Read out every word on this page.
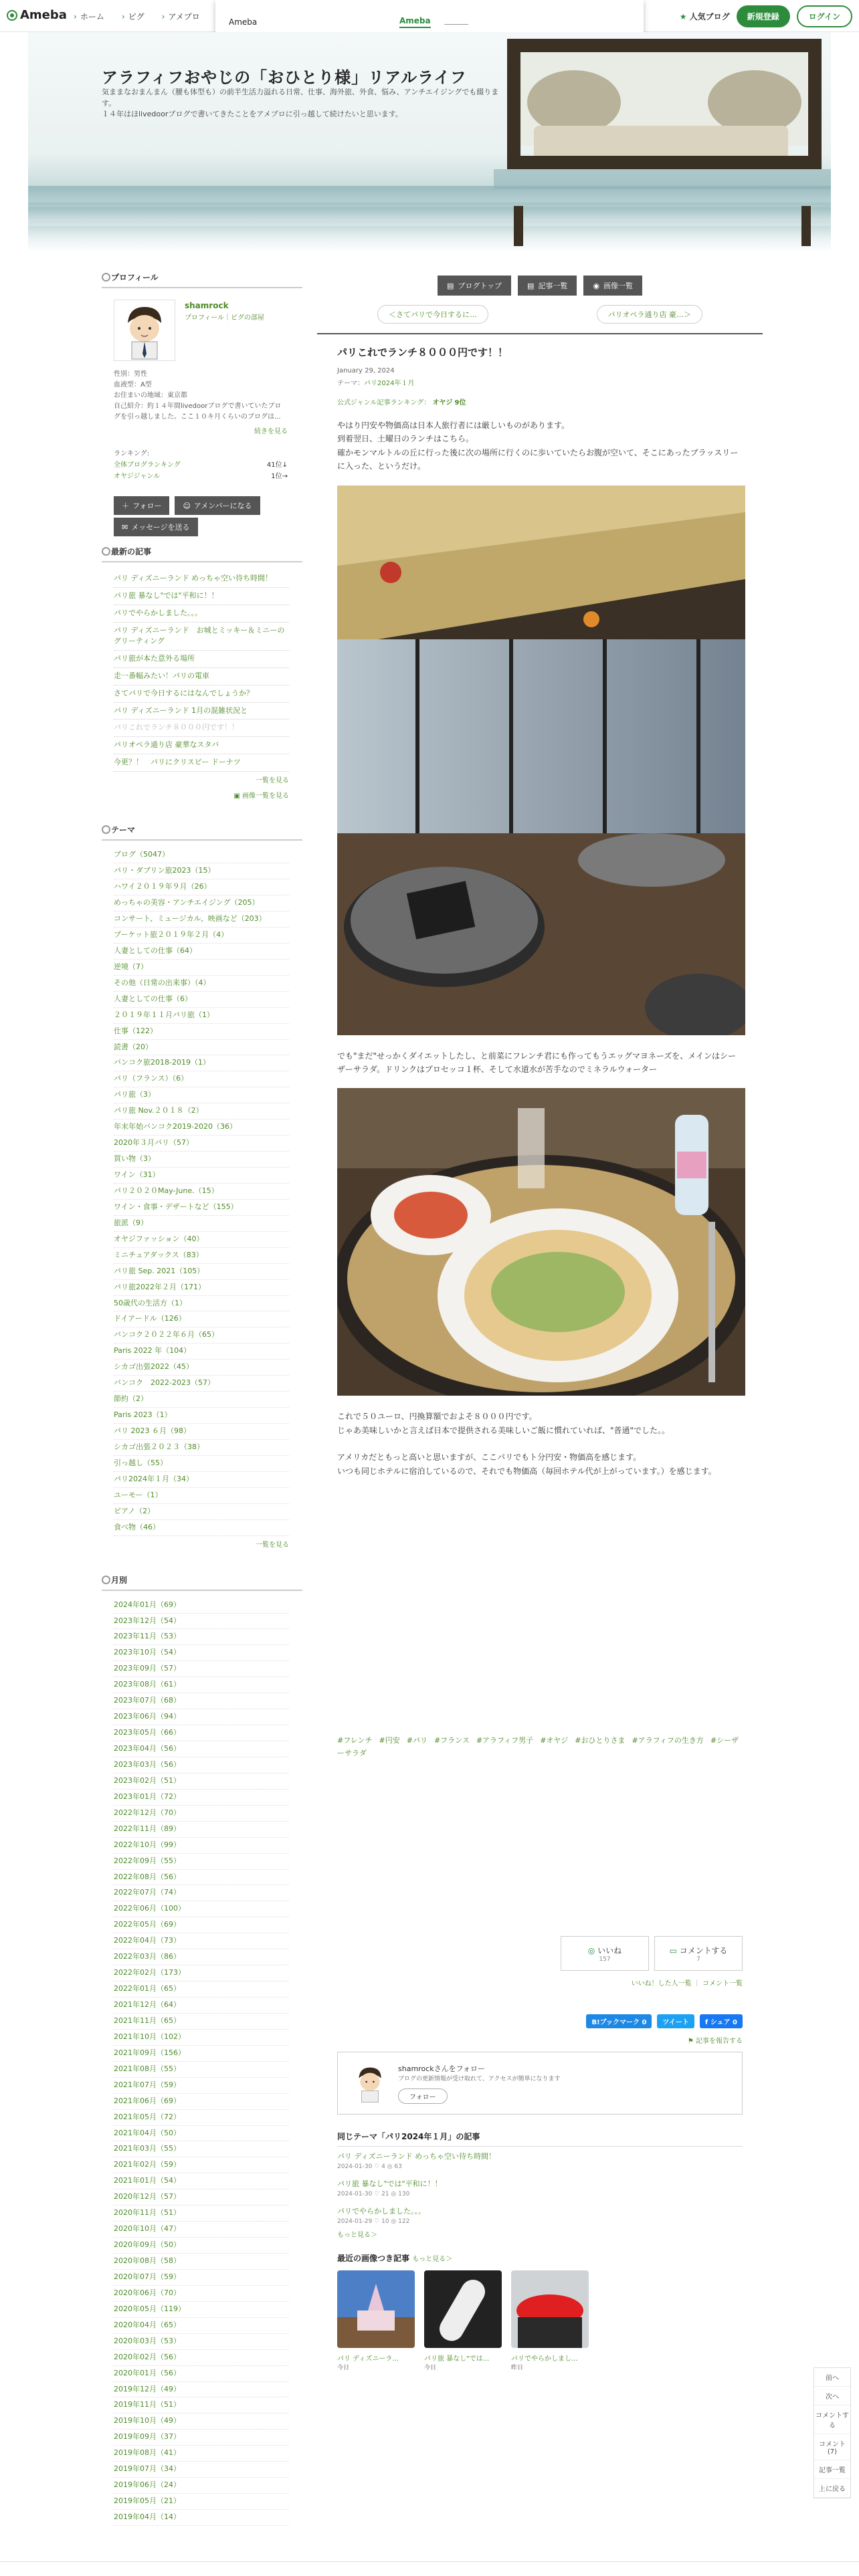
Ameba	› ホーム	› ピグ	› アメブロ	★ 人気ブログ	新規登録	ログイン
Ameba	Ameba
アラフィフおやじの「おひとり様」リアルライフ
気ままなおまんまん（腰も体型も）の前半生活力溢れる日常、仕事、海外旅、外食、悩み、アンチエイジングでも綴ります。
１４年はほlivedoorブログで書いてきたことをアメブロに引っ越して続けたいと思います。
プロフィール
shamrock
プロフィール｜ピグの部屋
性別：男性
血液型：A型
お住まいの地域：東京都
自己紹介：約１４年間livedoorブログで書いていたブログを引っ越しました。ここ１０キ月くらいのブログは...
続きを見る
ランキング:
全体ブログランキング	41位↓
オヤジジャンル	1位→
＋ フォロー	☺ アメンバーになる
✉ メッセージを送る
最新の記事
パリ ディズニーランド めっちゃ空い待ち時間！
パリ旅 暴なし"では"平和に！！
パリでやらかしました。。。
パリ ディズニーランド　お城とミッキー＆ミニーのグリーティング
パリ旅が本た意外る場所
走一番幅みたい！パリの電車
さてパリで今日するにはなんでしょうか？
パリ ディズニーランド 1月の混雑状況と
パリこれでランチ８０００円です！！
パリオペラ通り店 豪華なスタバ
今更？！　パリにクリスピー ドーナツ
一覧を見る
▣ 画像一覧を見る
テーマ
ブログ（5047）
パリ・ダブリン旅2023（15）
ハワイ２０１９年９月（26）
めっちゃの美容・アンチエイジング（205）
コンサート、ミュージカル、映画など（203）
プーケット旅２０１９年２月（4）
人妻としての仕事（64）
逆境（7）
その他（日常の出来事）（4）
人妻としての仕事（6）
２０１９年１１月パリ旅（1）
仕事（122）
読書（20）
バンコク旅2018-2019（1）
パリ（フランス）（6）
パリ旅（3）
パリ旅 Nov.２０１８（2）
年末年始バンコク2019-2020（36）
2020年３月パリ（57）
買い物（3）
ワイン（31）
パリ２０２０May-June.（15）
ワイン・食事・デザートなど（155）
旅派（9）
オヤジファッション（40）
ミニチュアダックス（83）
パリ旅 Sep. 2021（105）
パリ旅2022年２月（171）
50歳代の生活方（1）
ドイアードル（126）
バンコク２０２２年６月（65）
Paris 2022 年（104）
シカゴ出張2022（45）
バンコク　2022-2023（57）
節約（2）
Paris 2023（1）
パリ 2023 ６月（98）
シカゴ出張２０２３（38）
引っ越し（55）
パリ2024年１月（34）
ユーモー（1）
ピアノ（2）
食べ物（46）
一覧を見る
月別
2024年01月（69）
2023年12月（54）
2023年11月（53）
2023年10月（54）
2023年09月（57）
2023年08月（61）
2023年07月（68）
2023年06月（94）
2023年05月（66）
2023年04月（56）
2023年03月（56）
2023年02月（51）
2023年01月（72）
2022年12月（70）
2022年11月（89）
2022年10月（99）
2022年09月（55）
2022年08月（56）
2022年07月（74）
2022年06月（100）
2022年05月（69）
2022年04月（73）
2022年03月（86）
2022年02月（173）
2022年01月（65）
2021年12月（64）
2021年11月（65）
2021年10月（102）
2021年09月（156）
2021年08月（55）
2021年07月（59）
2021年06月（69）
2021年05月（72）
2021年04月（50）
2021年03月（55）
2021年02月（59）
2021年01月（54）
2020年12月（57）
2020年11月（51）
2020年10月（47）
2020年09月（50）
2020年08月（58）
2020年07月（59）
2020年06月（70）
2020年05月（119）
2020年04月（65）
2020年03月（53）
2020年02月（56）
2020年01月（56）
2019年12月（49）
2019年11月（51）
2019年10月（49）
2019年09月（37）
2019年08月（41）
2019年07月（34）
2019年06月（24）
2019年05月（21）
2019年04月（14）
▤ ブログトップ	▤ 記事一覧	◉ 画像一覧
＜さてパリで今日するに…	パリオペラ通り店 豪…＞
パリこれでランチ８０００円です！！
January 29, 2024
テーマ：パリ2024年１月
公式ジャンル記事ランキング： オヤジ 9位
やはり円安や物価高は日本人旅行者には厳しいものがあります。
到着翌日、土曜日のランチはこちら。
確かモンマルトルの丘に行った後に次の場所に行くのに歩いていたらお腹が空いて、そこにあったブラッスリーに入った、というだけ。
でも"まだ"せっかくダイエットしたし、と前菜にフレンチ君にも作ってもうエッグマヨネーズを、メインはシーザーサラダ。ドリンクはプロセッコ１杯、そして水道水が苦手なのでミネラルウォーター
これで５０ユーロ、円換算額でおよそ８０００円です。
じゃあ美味しいかと言えば日本で提供される美味しいご飯に慣れていれば、"普通"でした。。
アメリカだともっと高いと思いますが、ここパリでもト分円安・物価高を感じます。
いつも同じホテルに宿泊しているので、それでも物価高（毎回ホテル代が上がっています。）を感じます。
#フレンチ #円安 #パリ #フランス #アラフィフ男子 #オヤジ #おひとりさま #アラフィフの生き方 #シーザーサラダ
◎ いいね
157
▭ コメントする
7
いいね！した人一覧 ｜ コメント一覧
B!ブックマーク 0	ツイート	f シェア 0
⚑ 記事を報告する
shamrockさんをフォロー
ブログの更新情報が受け取れて、アクセスが簡単になります
フォロー
同じテーマ「パリ2024年１月」の記事
パリ ディズニーランド めっちゃ空い待ち時間！
2024-01-30 ♡ 4 ◎ 63
パリ旅 暴なし"では"平和に！！
2024-01-30 ♡ 21 ◎ 130
パリでやらかしました。。。
2024-01-29 ♡ 10 ◎ 122
もっと見る＞
最近の画像つき記事 もっと見る＞
パリ ディズニーラ...
今日
パリ旅 暴なし"では...
今日
パリでやらかしまし...
昨日
前へ
次へ
コメントする
コメント(7)
記事一覧
上に戻る
